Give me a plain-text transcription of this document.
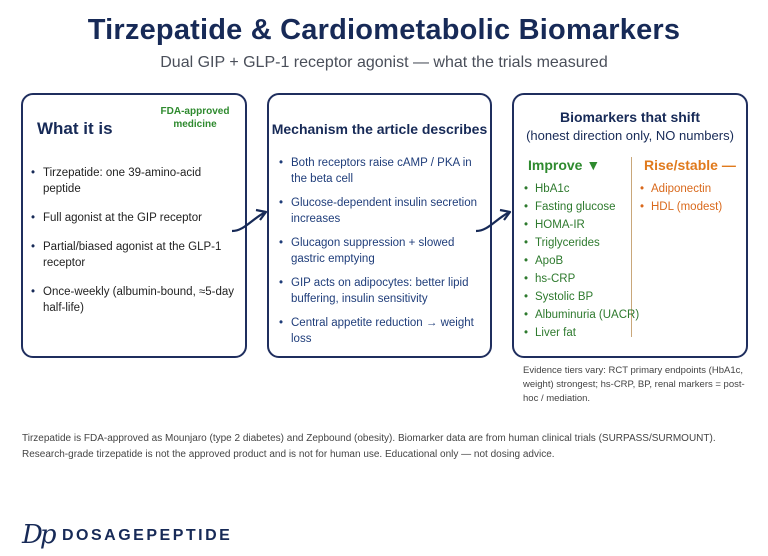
Tirzepatide & Cardiometabolic Biomarkers
Dual GIP + GLP-1 receptor agonist — what the trials measured
What it is
FDA-approved medicine
• Tirzepatide: one 39-amino-acid peptide
• Full agonist at the GIP receptor
• Partial/biased agonist at the GLP-1 receptor
• Once-weekly (albumin-bound, ≈5-day half-life)
Mechanism the article describes
• Both receptors raise cAMP / PKA in the beta cell
• Glucose-dependent insulin secretion increases
• Glucagon suppression + slowed gastric emptying
• GIP acts on adipocytes: better lipid buffering, insulin sensitivity
• Central appetite reduction → weight loss
Biomarkers that shift
(honest direction only, NO numbers)
Improve ▼	Rise/stable —
• HbA1c
• Fasting glucose
• HOMA-IR
• Triglycerides
• ApoB
• hs-CRP
• Systolic BP
• Albuminuria (UACR)
• Liver fat
• Adiponectin
• HDL (modest)
Evidence tiers vary: RCT primary endpoints (HbA1c, weight) strongest; hs-CRP, BP, renal markers = post-hoc / mediation.
Tirzepatide is FDA-approved as Mounjaro (type 2 diabetes) and Zepbound (obesity). Biomarker data are from human clinical trials (SURPASS/SURMOUNT).
Research-grade tirzepatide is not the approved product and is not for human use. Educational only — not dosing advice.
Dp DOSAGEPEPTIDE
